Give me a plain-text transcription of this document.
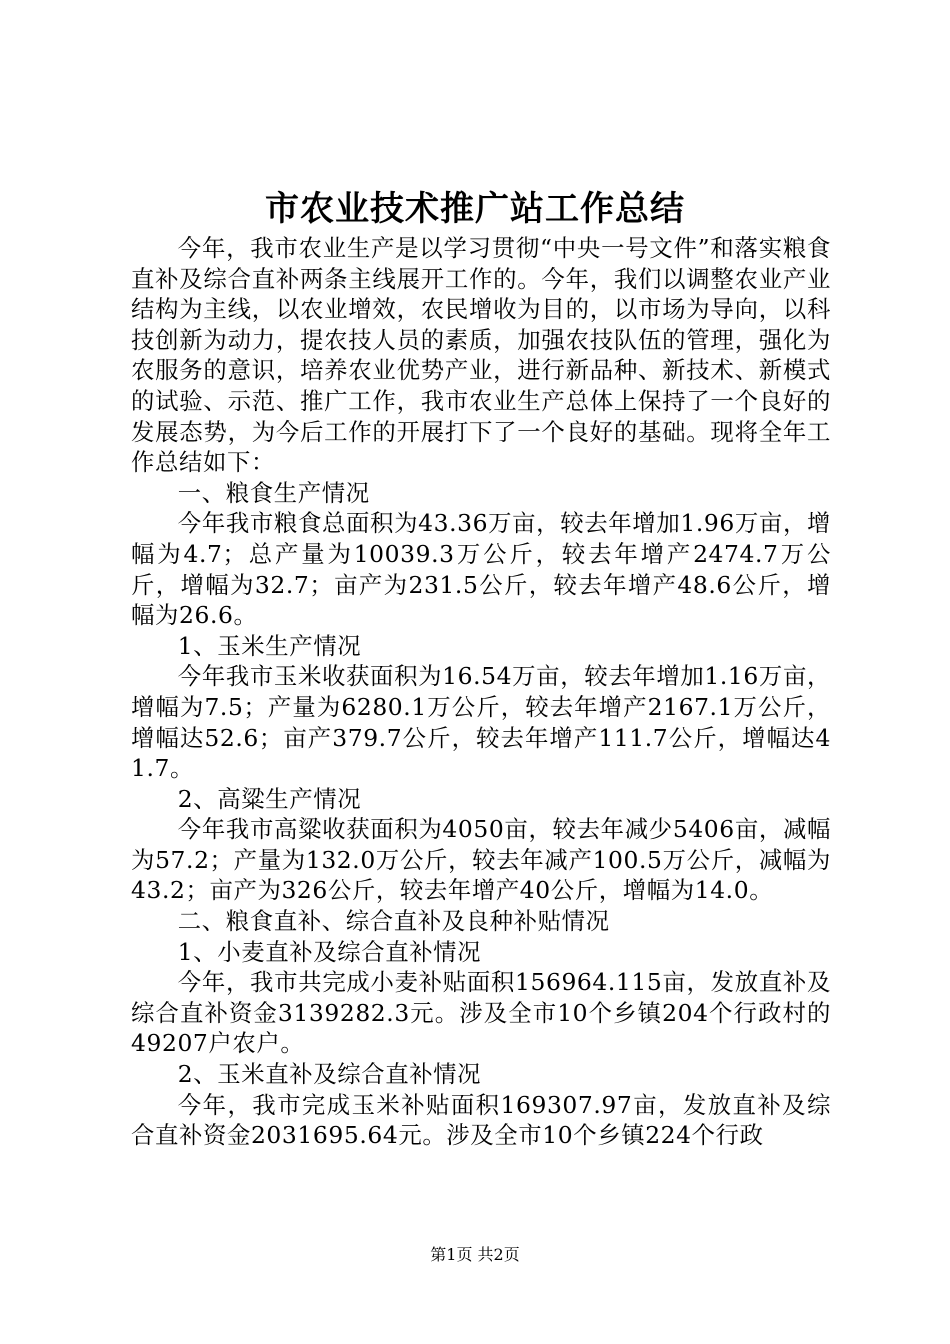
市农业技术推广站工作总结

今年，我市农业生产是以学习贯彻“中央一号文件”和落实粮食直补及综合直补两条主线展开工作的。今年，我们以调整农业产业结构为主线，以农业增效，农民增收为目的，以市场为导向，以科技创新为动力，提农技人员的素质，加强农技队伍的管理，强化为农服务的意识，培养农业优势产业，进行新品种、新技术、新模式的试验、示范、推广工作，我市农业生产总体上保持了一个良好的发展态势，为今后工作的开展打下了一个良好的基础。现将全年工作总结如下：

一、粮食生产情况

今年我市粮食总面积为43.36万亩，较去年增加1.96万亩，增幅为4.7；总产量为10039.3万公斤，较去年增产2474.7万公斤，增幅为32.7；亩产为231.5公斤，较去年增产48.6公斤，增幅为26.6。

1、玉米生产情况

今年我市玉米收获面积为16.54万亩，较去年增加1.16万亩，增幅为7.5；产量为6280.1万公斤，较去年增产2167.1万公斤，增幅达52.6；亩产379.7公斤，较去年增产111.7公斤，增幅达41.7。

2、高粱生产情况

今年我市高粱收获面积为4050亩，较去年减少5406亩，减幅为57.2；产量为132.0万公斤，较去年减产100.5万公斤，减幅为43.2；亩产为326公斤，较去年增产40公斤，增幅为14.0。

二、粮食直补、综合直补及良种补贴情况

1、小麦直补及综合直补情况

今年，我市共完成小麦补贴面积156964.115亩，发放直补及综合直补资金3139282.3元。涉及全市10个乡镇204个行政村的49207户农户。

2、玉米直补及综合直补情况

今年，我市完成玉米补贴面积169307.97亩，发放直补及综合直补资金2031695.64元。涉及全市10个乡镇224个行政

第1页 共2页
